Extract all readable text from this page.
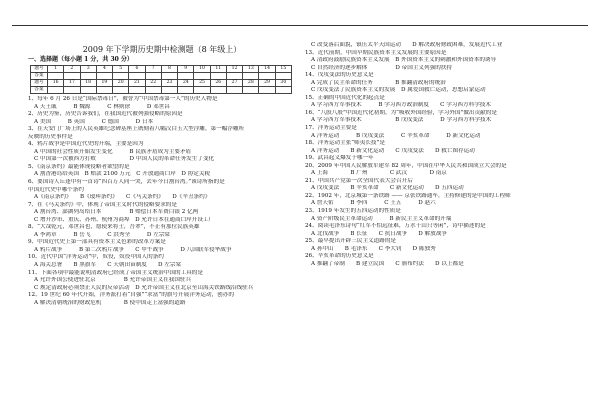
2009 年下学期历史期中检测题（8 年级上）
一、选择题（每小题 1 分，共 30 分）
题号	1	2	3	4	5	6	7	8	9	10	11	12	13	14	15
答案															
题号	16	17	18	19	20	21	22	23	24	25	26	27	28	29	30
答案															
1、每年 6 月 26 日是“国际禁毒日”，被誉为“中国禁毒第一人”的历史人物是
A 天王戚　　　B 魏源　　　C 林则徐　　　D 邓世昌
2、历史为鉴，历史告诉我们，在我国近代被列强侵略的原因是
A 美国　　　B 英国　　　C 德国　　　D 日本
3、在天安门广场上的人民英雄纪念碑基座上镌刻着八幅汉白玉大型浮雕，第一幅浮雕所
反映的历史事件是
4、鸦片战争是中国近代史的开端，主要是因为
A 中国的社会性质开始发生变化　　　B 民族矛盾成为主要矛盾
C 中国第一次被西方打败　　　　　　D 中国人民的革命任务发生了变化
5、《南京条约》最能体现侵略者欲望的是
A 割香港岛给英国　B 赔款 2100 万元　C 开放通商口岸　D 协定关税
6、要国诗人丘逢甲有一首诗“四百万人同一哭，去年今日割台湾。”该诗所指的是
中国近代史中哪个条约
A《南京条约》　　B《瑷珲条约》　　C《马关条约》　　D《辛丑条约》
7、在《马关条约》中，体现了帝国主义时代的侵略要求的是
A 割台湾、澎湖列岛给日本　　　　　B 赔偿日本军费白银 2 亿两
C 增开沙市、重庆、苏州、杭州为商埠　D 允许日本在通商口岸开设工厂
8、“大哉乾元，邓世昌也，愿使来将士，吾辈”，不止有那位民族英雄
A 李鸿章　　　B 岳飞　　　C 洪秀全　　　D 左宗棠
9、中国近代史上第一部具有资本主义色彩的改革方案是
A 鸦片战争　　　B 第二次鸦片战争　　C 甲午战争　　　D 八国联军侵华战争
10、近代中国“洋务运动”中，奴役，奴役中国人的条约
A 海关总署　　B 黑旗军　　C 天朝田亩制度　　D 左宗棠
11、下面各项中最能说明清政府已经成了帝国主义统治中国的工具的是
A 允许外国公使进驻北京　　　　　B 允许帝国主义在我国驻兵
C 规定清政府必须禁止人民的反帝活动　D 允许帝国主义在北京至山海关铁路线沿线驻兵
12、19 世纪 60 年代开始，洋务派打着“自强”“求富”的旗号开展洋务运动，创办的
A 解决清朝统治的财政危机　　　　B 使中国走上富强的道路
C 改变落后面貌，镇压太平天国运动　　D 解决政府财政困难，发展近代工业
13、近代前期，中国早期民族资本主义发展的主要原因是
A 清政府鼓励民族资本主义发展　B 外国资本主义的刺激和外国资本的诱导
C 自然经济的逐步解体　　　　　D 帝国主义列强的扶持
14、戊戌变法的历史意义是
A 完成了民主革命的任务　　　　B 推翻清政府的统治
C 戊戌变法了民族资本主义的发展　D 属爱国救亡运动，思想启蒙运动
15、正确的中国近代化的起点是
A 学习西方军事技术　　　B 学习西方政治制度　　C 学习西方科学技术
16、“八股八股”中国近代化初期，为“吸收外国经验，学习外国”做出贡献的是
A 学习西方军事技术　　　　　　B 戊戌变法　　　D 学习西方科学技术
17、洋务运动主要是
A 洋务运动　　　B 戊戌变法　　　C 辛亥革命　　　D 新文化运动
18、洋务运动主张“师夷长技”是
A 洋务运动　　B 新文化运动　　C 戊戌变法　　D 救亡图存运动
19、武昌起义爆发于哪一年
20、2009 年中国人民解放军建军 82 周年，中国在中华人民共和国成立大会的是
A 上海　　　　B 广州　　　　C 武汉　　　　D 南京
21、中国共产党第一次全国代表大会召开后
A 戊戌变法　　B 辛亥革命　　C 新文化运动　　D 五四运动
22、1902 年，北京城第一条铁路 —— 京张铁路通车，主持修建的是中国的工程师
A 詹天佑　　　B 李四　　　C 王五　　　D 赵六
23、1919 年发生的五四运动的性质是
A 资产阶级民主革命运动　　　B 新民主主义革命的开端
24、阅读毛泽东诗句“红军不怕远征难，万水千山只等闲”，诗中描述的是
A 北伐战争　　B 长征　　C 抗日战争　　D 解放战争
25、最早提出开辟三民主义道路的是
A 孙中山　　B 毛泽东　　C 李大钊　　D 陈独秀
26、辛亥革命的历史意义是
A 推翻了帝制　　B 建立民国　　C 颁布约法　　D 以上都是
